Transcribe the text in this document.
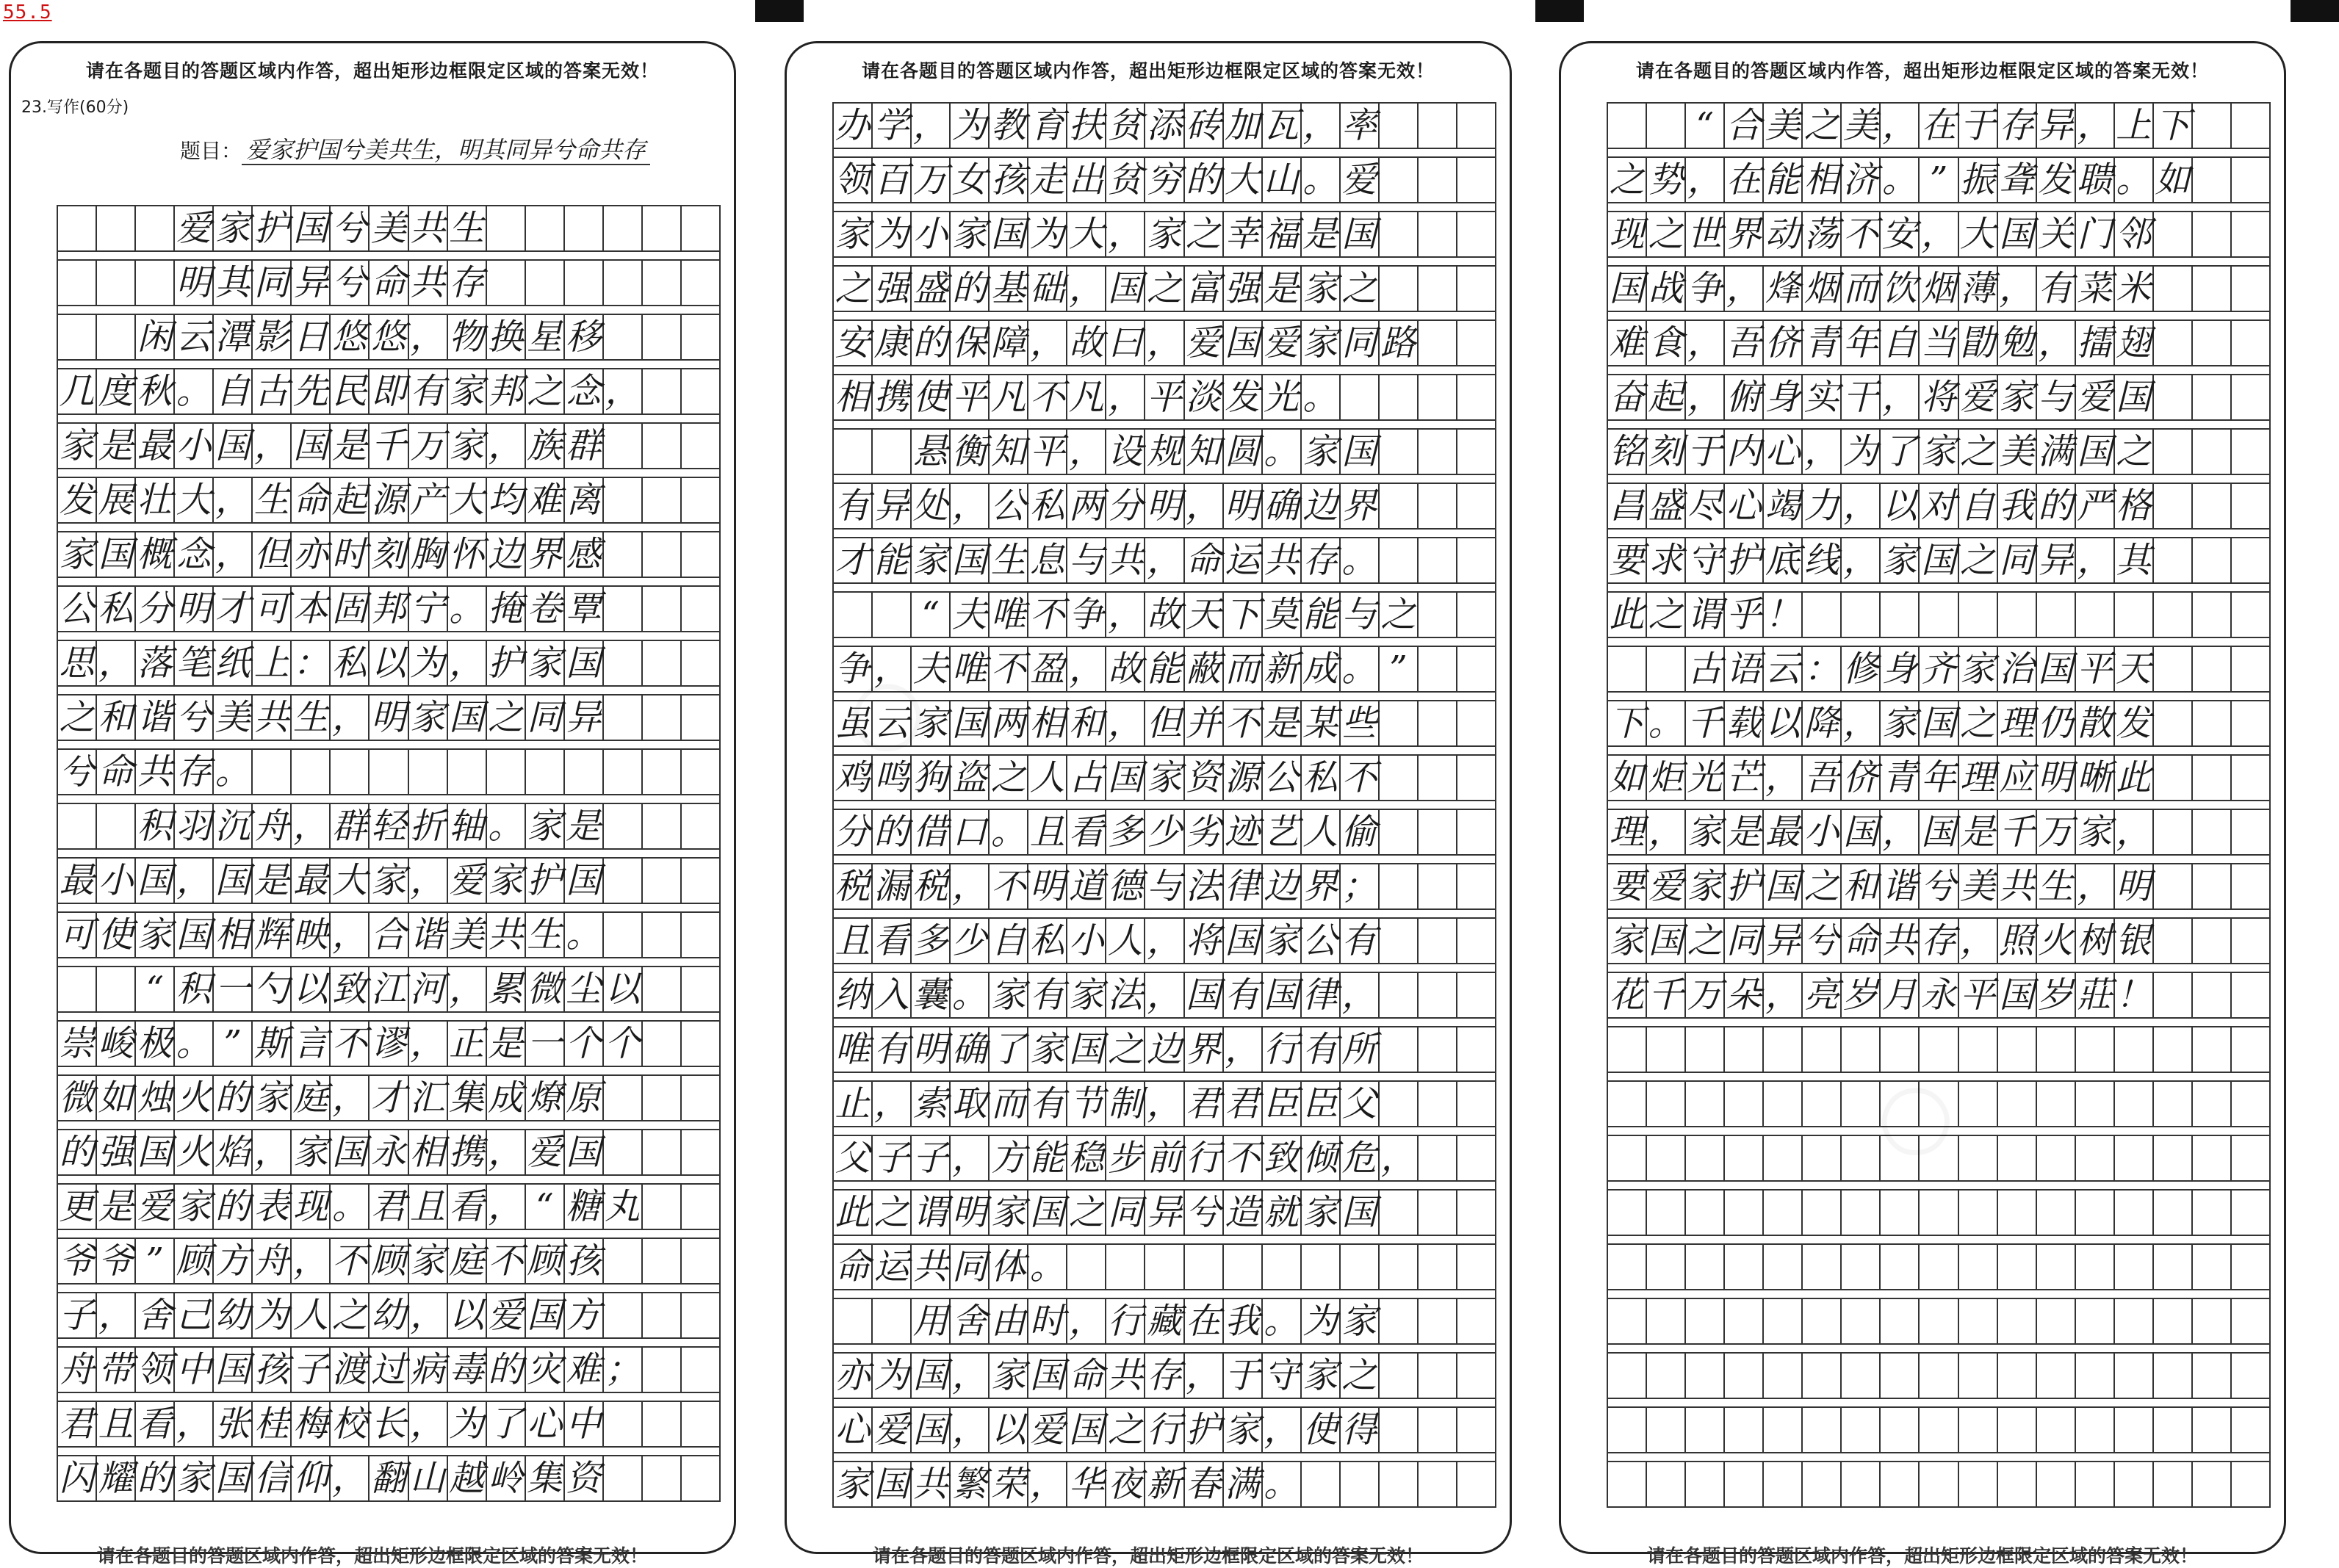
55.5
请在各题目的答题区域内作答，超出矩形边框限定区域的答案无效！
23.写作(60分)
题目： 爱家护国兮美共生，明其同异兮命共存
爱 家 护 国 兮 美 共 生
明 其 同 异 兮 命 共 存
闲 云 潭 影 日 悠 悠 ， 物 换 星 移
几 度 秋 。 自 古 先 民 即 有 家 邦 之 念 ，
家 是 最 小 国 ， 国 是 千 万 家 ， 族 群
发 展 壮 大 ， 生 命 起 源 产 大 均 难 离
家 国 概 念 ， 但 亦 时 刻 胸 怀 边 界 感
公 私 分 明 才 可 本 固 邦 宁 。 掩 卷 覃
思 ， 落 笔 纸 上 ： 私 以 为 ， 护 家 国
之 和 谐 兮 美 共 生 ， 明 家 国 之 同 异
兮 命 共 存 。
积 羽 沉 舟 ， 群 轻 折 轴 。 家 是
最 小 国 ， 国 是 最 大 家 ， 爱 家 护 国
可 使 家 国 相 辉 映 ， 合 谐 美 共 生 。
“ 积 一 勺 以 致 江 河 ， 累 微 尘 以
崇 峻 极 。 ” 斯 言 不 谬 ， 正 是 一 个 个
微 如 烛 火 的 家 庭 ， 才 汇 集 成 燎 原
的 强 国 火 焰 ， 家 国 永 相 携 ， 爱 国
更 是 爱 家 的 表 现 。 君 且 看 ， “ 糖 丸
爷 爷 ” 顾 方 舟 ， 不 顾 家 庭 不 顾 孩
子 ， 舍 己 幼 为 人 之 幼 ， 以 爱 国 方
舟 带 领 中 国 孩 子 渡 过 病 毒 的 灾 难 ；
君 且 看 ， 张 桂 梅 校 长 ， 为 了 心 中
闪 耀 的 家 国 信 仰 ， 翻 山 越 岭 集 资
请在各题目的答题区域内作答，超出矩形边框限定区域的答案无效！
请在各题目的答题区域内作答，超出矩形边框限定区域的答案无效！
办 学 ， 为 教 育 扶 贫 添 砖 加 瓦 ， 率
领 百 万 女 孩 走 出 贫 穷 的 大 山 。 爱
家 为 小 家 国 为 大 ， 家 之 幸 福 是 国
之 强 盛 的 基 础 ， 国 之 富 强 是 家 之
安 康 的 保 障 ， 故 曰 ， 爱 国 爱 家 同 路
相 携 使 平 凡 不 凡 ， 平 淡 发 光 。
悬 衡 知 平 ， 设 规 知 圆 。 家 国
有 异 处 ， 公 私 两 分 明 ， 明 确 边 界
才 能 家 国 生 息 与 共 ， 命 运 共 存 。
“ 夫 唯 不 争 ， 故 天 下 莫 能 与 之
争 ， 夫 唯 不 盈 ， 故 能 蔽 而 新 成 。 ”
虽 云 家 国 两 相 和 ， 但 并 不 是 某 些
鸡 鸣 狗 盗 之 人 占 国 家 资 源 公 私 不
分 的 借 口 。 且 看 多 少 劣 迹 艺 人 偷
税 漏 税 ， 不 明 道 德 与 法 律 边 界 ；
且 看 多 少 自 私 小 人 ， 将 国 家 公 有
纳 入 囊 。 家 有 家 法 ， 国 有 国 律 ，
唯 有 明 确 了 家 国 之 边 界 ， 行 有 所
止 ， 索 取 而 有 节 制 ， 君 君 臣 臣 父
父 子 子 ， 方 能 稳 步 前 行 不 致 倾 危 ，
此 之 谓 明 家 国 之 同 异 兮 造 就 家 国
命 运 共 同 体 。
用 舍 由 时 ， 行 藏 在 我 。 为 家
亦 为 国 ， 家 国 命 共 存 ， 于 守 家 之
心 爱 国 ， 以 爱 国 之 行 护 家 ， 使 得
家 国 共 繁 荣 ， 华 夜 新 春 满 。
请在各题目的答题区域内作答，超出矩形边框限定区域的答案无效！
请在各题目的答题区域内作答，超出矩形边框限定区域的答案无效！
“ 合 美 之 美 ， 在 于 存 异 ， 上 下
之 势 ， 在 能 相 济 。 ” 振 聋 发 聩 。 如
现 之 世 界 动 荡 不 安 ， 大 国 关 门 邻
国 战 争 ， 烽 烟 而 饮 烟 薄 ， 有 菜 米
难 食 ， 吾 侪 青 年 自 当 勖 勉 ， 擂 翅
奋 起 ， 俯 身 实 干 ， 将 爱 家 与 爱 国
铭 刻 于 内 心 ， 为 了 家 之 美 满 国 之
昌 盛 尽 心 竭 力 ， 以 对 自 我 的 严 格
要 求 守 护 底 线 ， 家 国 之 同 异 ， 其
此 之 谓 乎 ！
古 语 云 ： 修 身 齐 家 治 国 平 天
下 。 千 载 以 降 ， 家 国 之 理 仍 散 发
如 炬 光 芒 ， 吾 侪 青 年 理 应 明 晰 此
理 ， 家 是 最 小 国 ， 国 是 千 万 家 ，
要 爱 家 护 国 之 和 谐 兮 美 共 生 ， 明
家 国 之 同 异 兮 命 共 存 ， 照 火 树 银
花 千 万 朵 ， 亮 岁 月 永 平 国 岁 莊 ！
请在各题目的答题区域内作答，超出矩形边框限定区域的答案无效！
